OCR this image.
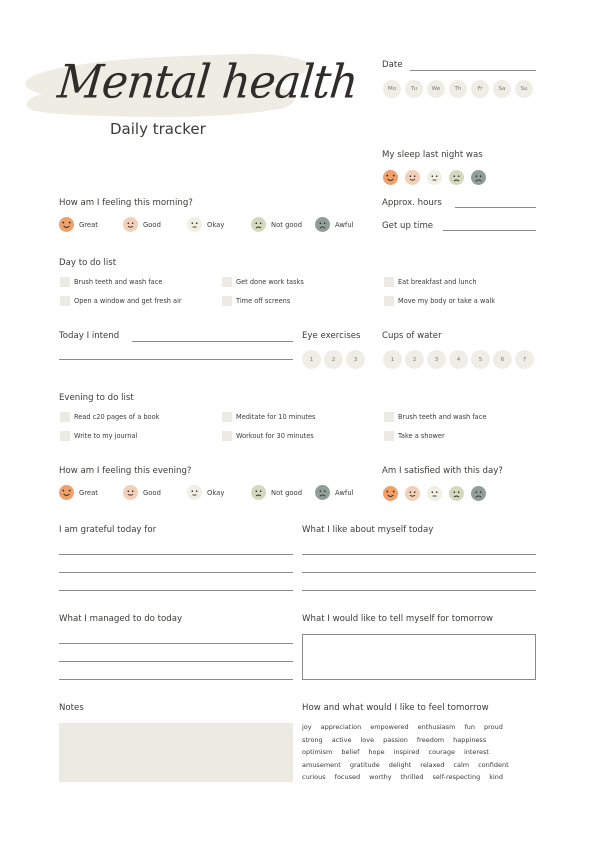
Mental health
Daily tracker
Date
Mo	Tu	We	Th	Fr	Sa	Su
My sleep last night was
Approx. hours
Get up time
How am I feeling this morning?
Great	Good	Okay	Not good	Awful
Day to do list
Brush teeth and wash face	Get done work tasks	Eat breakfast and lunch
Open a window and get fresh air	Time off screens	Move my body or take a walk
Today I intend	Eye exercises
1	2	3
Cups of water
1	2	3	4	5	6	7
Evening to do list
Read c20 pages of a book	Meditate for 10 minutes	Brush teeth and wash face
Write to my journal	Workout for 30 minutes	Take a shower
How am I feeling this evening?
Great	Good	Okay	Not good	Awful
Am I satisfied with this day?
I am grateful today for	What I like about myself today
What I managed to do today	What I would like to tell myself for tomorrow
Notes	How and what would I like to feel tomorrow
joy appreciation empowered enthusiasm fun proud
strong active love passion freedom happiness
optimism belief hope inspired courage interest
amusement gratitude delight relaxed calm confident
curious focused worthy thrilled self-respecting kind
